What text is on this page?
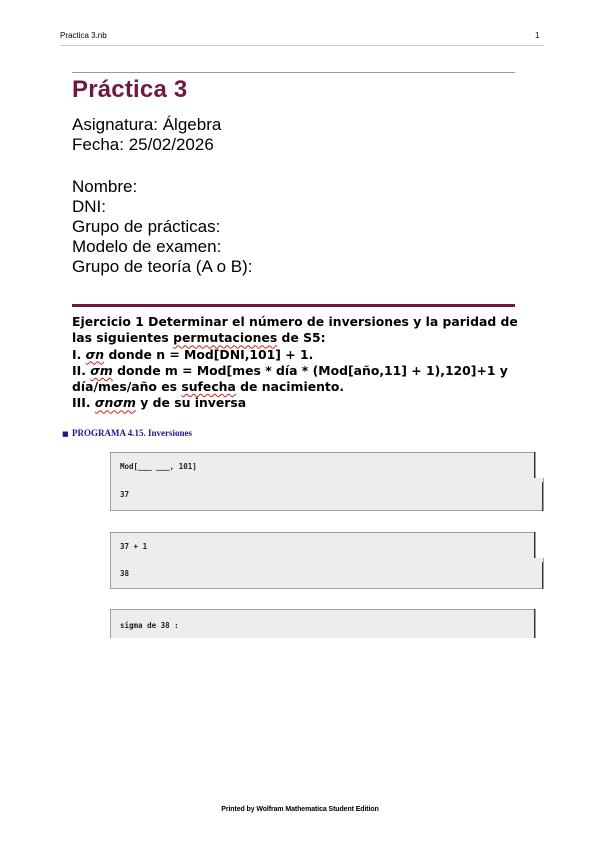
Practica 3.nb	1
Práctica 3
Asignatura: Álgebra
Fecha: 25/02/2026
Nombre:
DNI:
Grupo de prácticas:
Modelo de examen:
Grupo de teoría (A o B):

Ejercicio 1 Determinar el número de inversiones y la paridad de

las siguientes permutaciones de S5:

I. σn donde n = Mod[DNI,101] + 1.

II. σm donde m = Mod[mes * día * (Mod[año,11] + 1),120]+1 y

día/mes/año es sufecha de nacimiento.

III. σnσm y de su inversa

■ PROGRAMA 4.15. Inversiones
Mod[___ ___, 101]
37
37 + 1
38
sigma de 38 :
Printed by Wolfram Mathematica Student Edition
